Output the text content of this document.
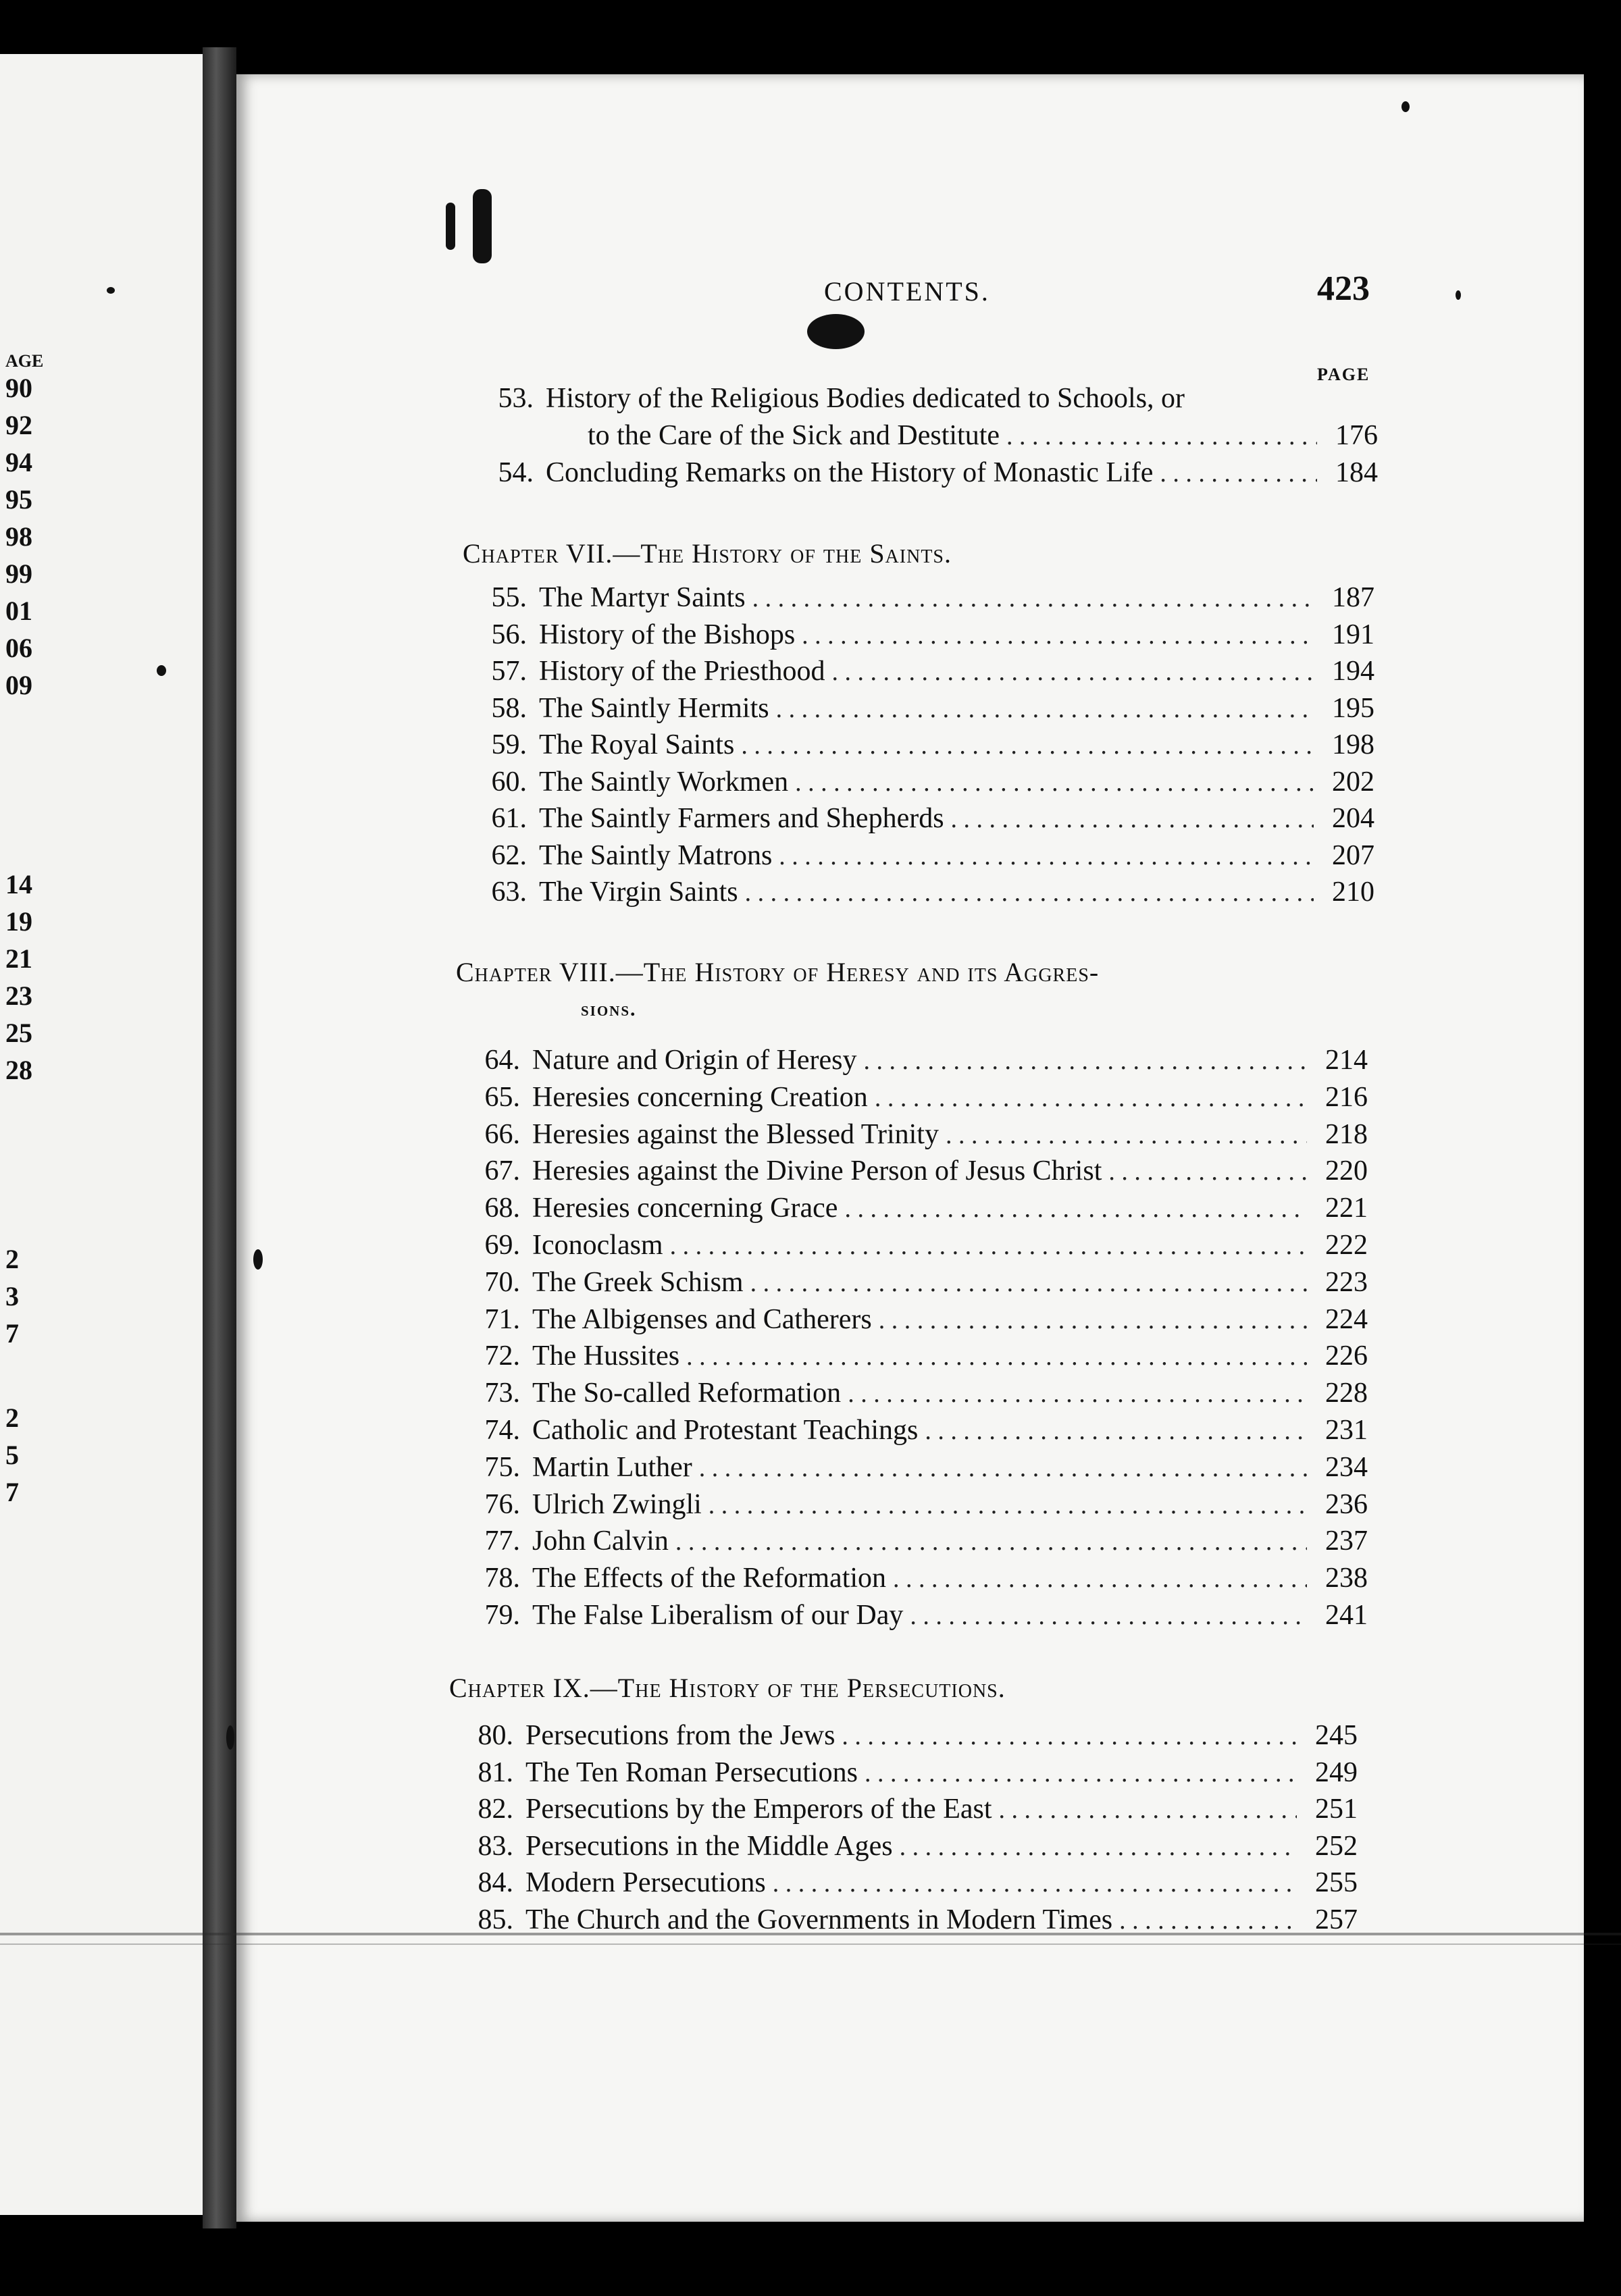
AGE
90
92
94
95
98
99
01
06
09
14
19
21
23
25
28
2
3
7
2
5
7
CONTENTS.	423
PAGE
53. History of the Religious Bodies dedicated to Schools, or
to the Care of the Sick and Destitute . . .	176
54. Concluding Remarks on the History of Monastic Life . . .	184
Chapter VII.—The History of the Saints.
55. The Martyr Saints . . .	187
56. History of the Bishops . . .	191
57. History of the Priesthood . . .	194
58. The Saintly Hermits . . .	195
59. The Royal Saints . . .	198
60. The Saintly Workmen . . .	202
61. The Saintly Farmers and Shepherds . . .	204
62. The Saintly Matrons . . .	207
63. The Virgin Saints . . .	210
Chapter VIII.—The History of Heresy and its Aggres-
sions.
64. Nature and Origin of Heresy . . .	214
65. Heresies concerning Creation . . .	216
66. Heresies against the Blessed Trinity . . .	218
67. Heresies against the Divine Person of Jesus Christ . . .	220
68. Heresies concerning Grace . . .	221
69. Iconoclasm . . .	222
70. The Greek Schism . . .	223
71. The Albigenses and Catherers . . .	224
72. The Hussites . . .	226
73. The So-called Reformation . . .	228
74. Catholic and Protestant Teachings . . .	231
75. Martin Luther . . .	234
76. Ulrich Zwingli . . .	236
77. John Calvin . . .	237
78. The Effects of the Reformation . . .	238
79. The False Liberalism of our Day . . .	241
Chapter IX.—The History of the Persecutions.
80. Persecutions from the Jews . . .	245
81. The Ten Roman Persecutions . . .	249
82. Persecutions by the Emperors of the East . . .	251
83. Persecutions in the Middle Ages . . .	252
84. Modern Persecutions . . .	255
85. The Church and the Governments in Modern Times . . .	257
